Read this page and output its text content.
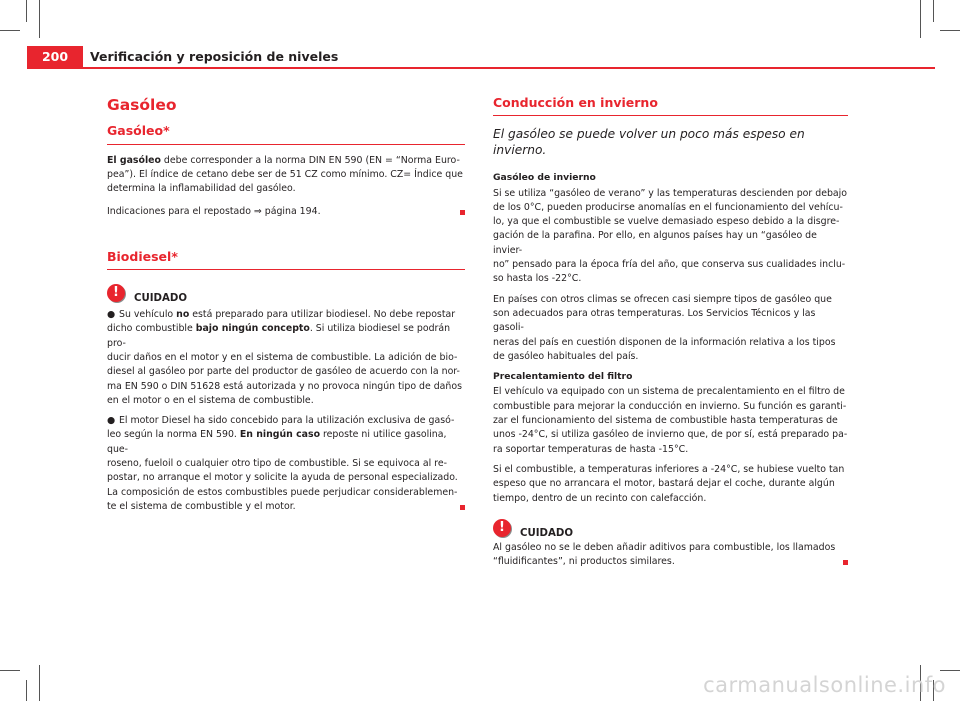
200	Verificación y reposición de niveles
Gasóleo
Gasóleo*

El gasóleo debe corresponder a la norma DIN EN 590 (EN = “Norma Euro-
pea”). El índice de cetano debe ser de 51 CZ como mínimo. CZ= Índice que
determina la inflamabilidad del gasóleo.

Indicaciones para el repostado ⇒ página 194.

Biodiesel*
!	CUIDADO

● Su vehículo no está preparado para utilizar biodiesel. No debe repostar
dicho combustible bajo ningún concepto. Si utiliza biodiesel se podrán pro-
ducir daños en el motor y en el sistema de combustible. La adición de bio-
diesel al gasóleo por parte del productor de gasóleo de acuerdo con la nor-
ma EN 590 o DIN 51628 está autorizada y no provoca ningún tipo de daños
en el motor o en el sistema de combustible.

● El motor Diesel ha sido concebido para la utilización exclusiva de gasó-
leo según la norma EN 590. En ningún caso reposte ni utilice gasolina, que-
roseno, fueloil o cualquier otro tipo de combustible. Si se equivoca al re-
postar, no arranque el motor y solicite la ayuda de personal especializado.
La composición de estos combustibles puede perjudicar considerablemen-

te el sistema de combustible y el motor.

Conducción en invierno

El gasóleo se puede volver un poco más espeso en invierno.

Gasóleo de invierno

Si se utiliza “gasóleo de verano” y las temperaturas descienden por debajo
de los 0°C, pueden producirse anomalías en el funcionamiento del vehícu-
lo, ya que el combustible se vuelve demasiado espeso debido a la disgre-
gación de la parafina. Por ello, en algunos países hay un “gasóleo de invier-
no” pensado para la época fría del año, que conserva sus cualidades inclu-
so hasta los -22°C.

En países con otros climas se ofrecen casi siempre tipos de gasóleo que
son adecuados para otras temperaturas. Los Servicios Técnicos y las gasoli-
neras del país en cuestión disponen de la información relativa a los tipos
de gasóleo habituales del país.

Precalentamiento del filtro

El vehículo va equipado con un sistema de precalentamiento en el filtro de
combustible para mejorar la conducción en invierno. Su función es garanti-
zar el funcionamiento del sistema de combustible hasta temperaturas de
unos -24°C, si utiliza gasóleo de invierno que, de por sí, está preparado pa-
ra soportar temperaturas de hasta -15°C.

Si el combustible, a temperaturas inferiores a -24°C, se hubiese vuelto tan
espeso que no arrancara el motor, bastará dejar el coche, durante algún
tiempo, dentro de un recinto con calefacción.

!	CUIDADO

Al gasóleo no se le deben añadir aditivos para combustible, los llamados

“fluidificantes”, ni productos similares.

carmanualsonline.info
